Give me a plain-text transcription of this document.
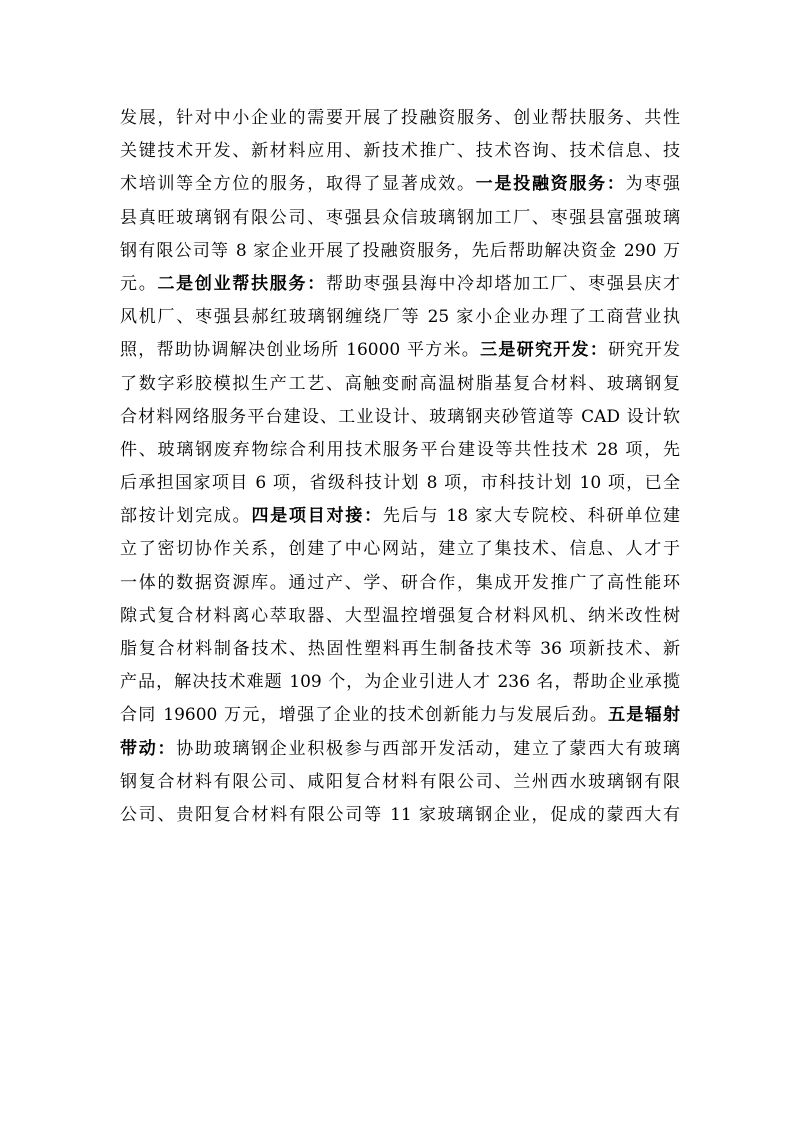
发展，针对中小企业的需要开展了投融资服务、创业帮扶服务、共性
关键技术开发、新材料应用、新技术推广、技术咨询、技术信息、技
术培训等全方位的服务，取得了显著成效。一是投融资服务：为枣强
县真旺玻璃钢有限公司、枣强县众信玻璃钢加工厂、枣强县富强玻璃
钢有限公司等 8 家企业开展了投融资服务，先后帮助解决资金 290 万
元。二是创业帮扶服务：帮助枣强县海中冷却塔加工厂、枣强县庆才
风机厂、枣强县郝红玻璃钢缠绕厂等 25 家小企业办理了工商营业执
照，帮助协调解决创业场所 16000 平方米。三是研究开发：研究开发
了数字彩胶模拟生产工艺、高触变耐高温树脂基复合材料、玻璃钢复
合材料网络服务平台建设、工业设计、玻璃钢夹砂管道等 CAD 设计软
件、玻璃钢废弃物综合利用技术服务平台建设等共性技术 28 项，先
后承担国家项目 6 项，省级科技计划 8 项，市科技计划 10 项，已全
部按计划完成。四是项目对接：先后与 18 家大专院校、科研单位建
立了密切协作关系，创建了中心网站，建立了集技术、信息、人才于
一体的数据资源库。通过产、学、研合作，集成开发推广了高性能环
隙式复合材料离心萃取器、大型温控增强复合材料风机、纳米改性树
脂复合材料制备技术、热固性塑料再生制备技术等 36 项新技术、新
产品，解决技术难题 109 个，为企业引进人才 236 名，帮助企业承揽
合同 19600 万元，增强了企业的技术创新能力与发展后劲。五是辐射
带动：协助玻璃钢企业积极参与西部开发活动，建立了蒙西大有玻璃
钢复合材料有限公司、咸阳复合材料有限公司、兰州西水玻璃钢有限
公司、贵阳复合材料有限公司等 11 家玻璃钢企业，促成的蒙西大有
